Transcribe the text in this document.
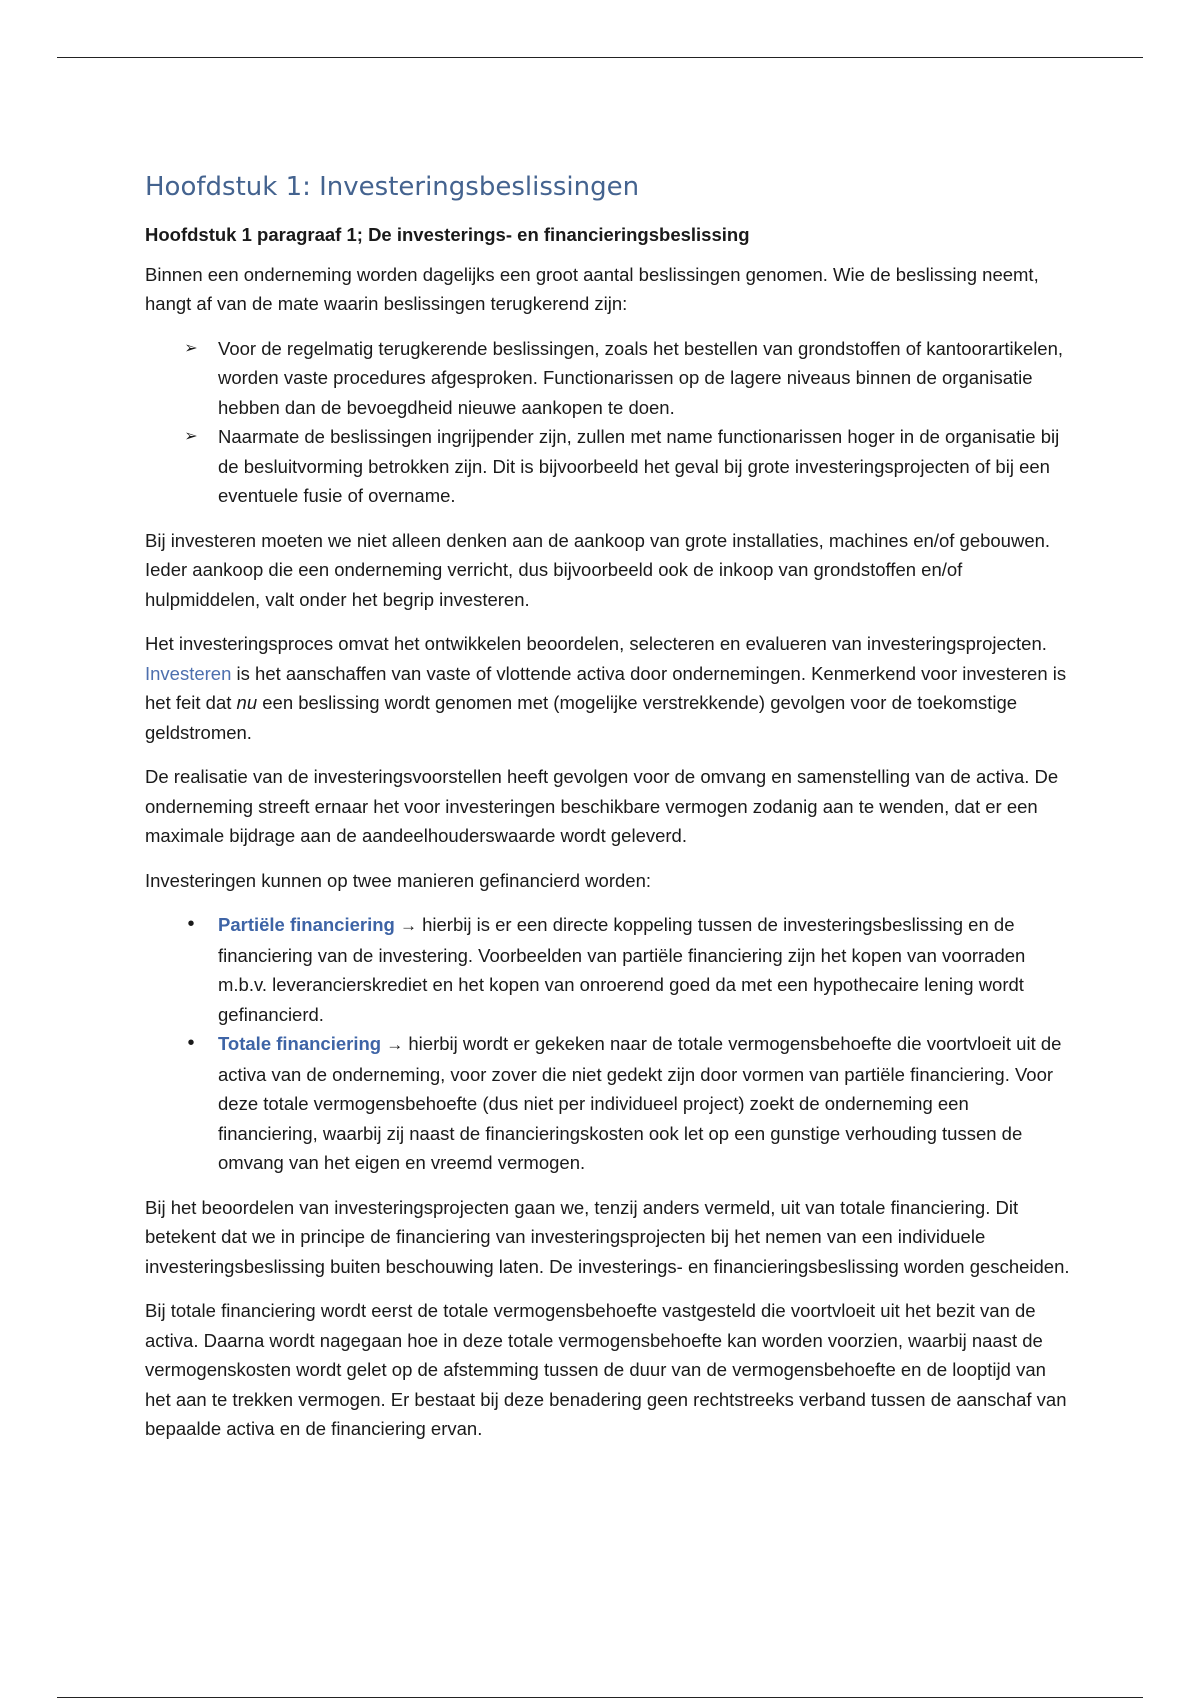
Hoofdstuk 1: Investeringsbeslissingen
Hoofdstuk 1 paragraaf 1; De investerings- en financieringsbeslissing

Binnen een onderneming worden dagelijks een groot aantal beslissingen genomen. Wie de beslissing neemt, hangt af van de mate waarin beslissingen terugkerend zijn:

➢ Voor de regelmatig terugkerende beslissingen, zoals het bestellen van grondstoffen of kantoorartikelen, worden vaste procedures afgesproken. Functionarissen op de lagere niveaus binnen de organisatie hebben dan de bevoegdheid nieuwe aankopen te doen.
➢ Naarmate de beslissingen ingrijpender zijn, zullen met name functionarissen hoger in de organisatie bij de besluitvorming betrokken zijn. Dit is bijvoorbeeld het geval bij grote investeringsprojecten of bij een eventuele fusie of overname.

Bij investeren moeten we niet alleen denken aan de aankoop van grote installaties, machines en/of gebouwen. Ieder aankoop die een onderneming verricht, dus bijvoorbeeld ook de inkoop van grondstoffen en/of hulpmiddelen, valt onder het begrip investeren.

Het investeringsproces omvat het ontwikkelen beoordelen, selecteren en evalueren van investeringsprojecten. Investeren is het aanschaffen van vaste of vlottende activa door ondernemingen. Kenmerkend voor investeren is het feit dat nu een beslissing wordt genomen met (mogelijke verstrekkende) gevolgen voor de toekomstige geldstromen.

De realisatie van de investeringsvoorstellen heeft gevolgen voor de omvang en samenstelling van de activa. De onderneming streeft ernaar het voor investeringen beschikbare vermogen zodanig aan te wenden, dat er een maximale bijdrage aan de aandeelhouderswaarde wordt geleverd.

Investeringen kunnen op twee manieren gefinancierd worden:

•	Partiële financiering → hierbij is er een directe koppeling tussen de investeringsbeslissing en de financiering van de investering. Voorbeelden van partiële financiering zijn het kopen van voorraden m.b.v. leverancierskrediet en het kopen van onroerend goed da met een hypothecaire lening wordt gefinancierd.
•	Totale financiering → hierbij wordt er gekeken naar de totale vermogensbehoefte die voortvloeit uit de activa van de onderneming, voor zover die niet gedekt zijn door vormen van partiële financiering. Voor deze totale vermogensbehoefte (dus niet per individueel project) zoekt de onderneming een financiering, waarbij zij naast de financieringskosten ook let op een gunstige verhouding tussen de omvang van het eigen en vreemd vermogen.

Bij het beoordelen van investeringsprojecten gaan we, tenzij anders vermeld, uit van totale financiering. Dit betekent dat we in principe de financiering van investeringsprojecten bij het nemen van een individuele investeringsbeslissing buiten beschouwing laten. De investerings- en financieringsbeslissing worden gescheiden.

Bij totale financiering wordt eerst de totale vermogensbehoefte vastgesteld die voortvloeit uit het bezit van de activa. Daarna wordt nagegaan hoe in deze totale vermogensbehoefte kan worden voorzien, waarbij naast de vermogenskosten wordt gelet op de afstemming tussen de duur van de vermogensbehoefte en de looptijd van het aan te trekken vermogen. Er bestaat bij deze benadering geen rechtstreeks verband tussen de aanschaf van bepaalde activa en de financiering ervan.
